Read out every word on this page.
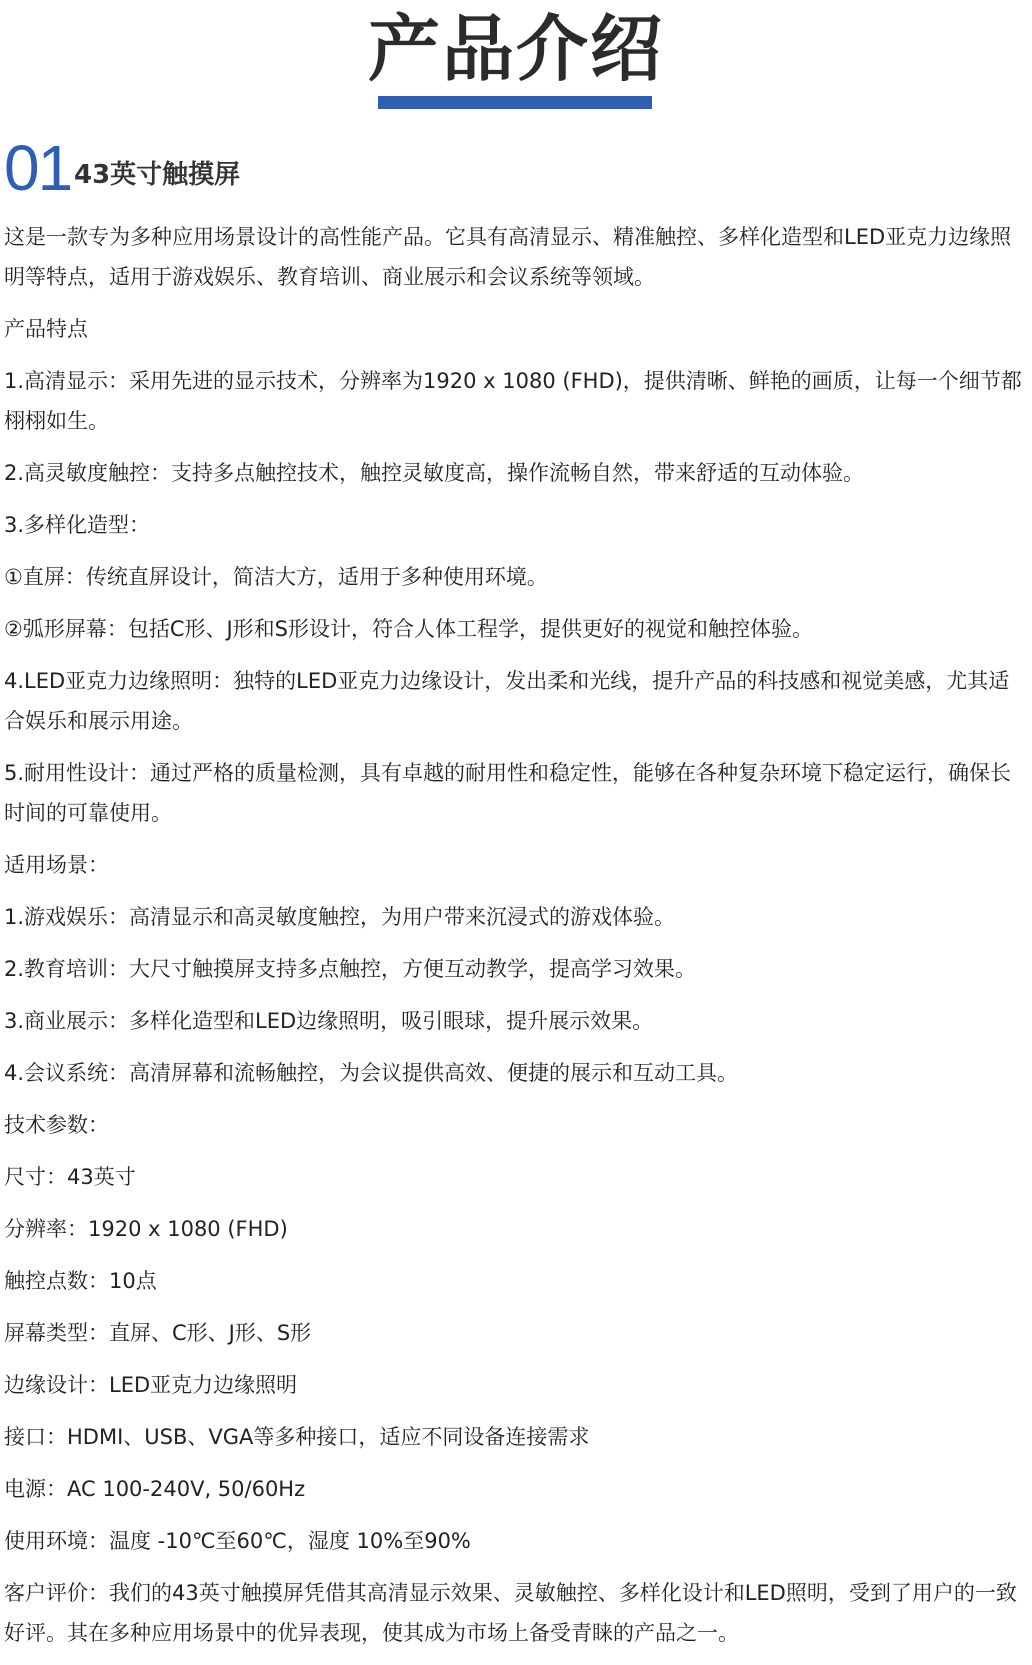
产品介绍
01 43英寸触摸屏

这是一款专为多种应用场景设计的高性能产品。它具有高清显示、精准触控、多样化造型和LED亚克力边缘照明等特点，适用于游戏娱乐、教育培训、商业展示和会议系统等领域。

产品特点

1.高清显示：采用先进的显示技术，分辨率为1920 x 1080 (FHD)，提供清晰、鲜艳的画质，让每一个细节都栩栩如生。

2.高灵敏度触控：支持多点触控技术，触控灵敏度高，操作流畅自然，带来舒适的互动体验。

3.多样化造型：

①直屏：传统直屏设计，简洁大方，适用于多种使用环境。

②弧形屏幕：包括C形、J形和S形设计，符合人体工程学，提供更好的视觉和触控体验。

4.LED亚克力边缘照明：独特的LED亚克力边缘设计，发出柔和光线，提升产品的科技感和视觉美感，尤其适合娱乐和展示用途。

5.耐用性设计：通过严格的质量检测，具有卓越的耐用性和稳定性，能够在各种复杂环境下稳定运行，确保长时间的可靠使用。

适用场景：

1.游戏娱乐：高清显示和高灵敏度触控，为用户带来沉浸式的游戏体验。

2.教育培训：大尺寸触摸屏支持多点触控，方便互动教学，提高学习效果。

3.商业展示：多样化造型和LED边缘照明，吸引眼球，提升展示效果。

4.会议系统：高清屏幕和流畅触控，为会议提供高效、便捷的展示和互动工具。

技术参数：

尺寸：43英寸

分辨率：1920 x 1080 (FHD)

触控点数：10点

屏幕类型：直屏、C形、J形、S形

边缘设计：LED亚克力边缘照明

接口：HDMI、USB、VGA等多种接口，适应不同设备连接需求

电源：AC 100-240V, 50/60Hz

使用环境：温度 -10℃至60℃，湿度 10%至90%

客户评价：我们的43英寸触摸屏凭借其高清显示效果、灵敏触控、多样化设计和LED照明，受到了用户的一致好评。其在多种应用场景中的优异表现，使其成为市场上备受青睐的产品之一。
